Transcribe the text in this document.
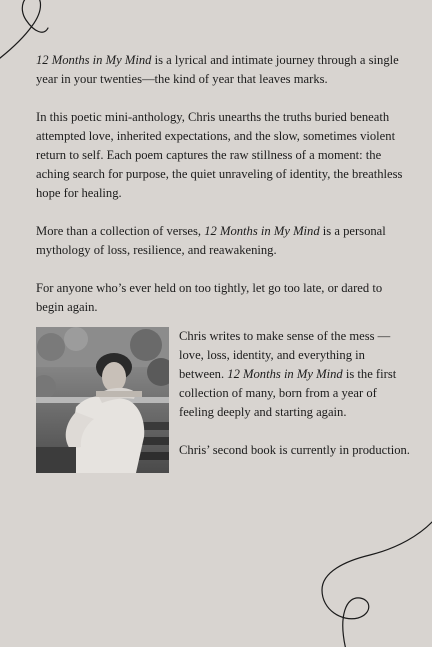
12 Months in My Mind is a lyrical and intimate journey through a single year in your twenties—the kind of year that leaves marks.

In this poetic mini-anthology, Chris unearths the truths buried beneath attempted love, inherited expectations, and the slow, sometimes violent return to self. Each poem captures the raw stillness of a moment: the aching search for purpose, the quiet unraveling of identity, the breathless hope for healing.

More than a collection of verses, 12 Months in My Mind is a personal mythology of loss, resilience, and reawakening.

For anyone who’s ever held on too tightly, let go too late, or dared to begin again.

Chris writes to make sense of the mess — love, loss, identity, and everything in between. 12 Months in My Mind is the first collection of many, born from a year of feeling deeply and starting again.

Chris’ second book is currently in production.
